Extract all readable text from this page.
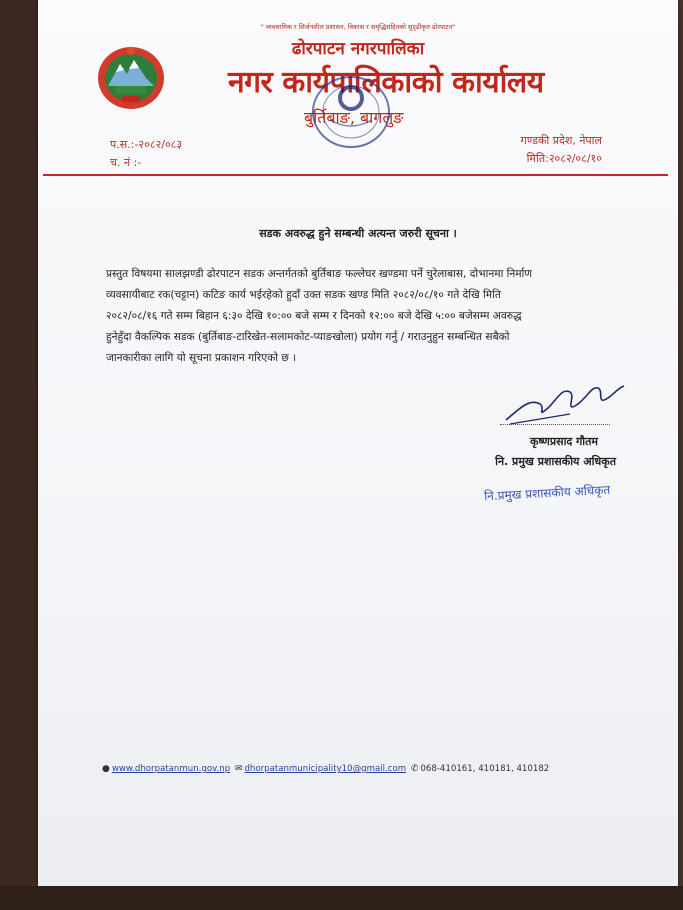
" व्यवसायिक र सिर्जनशील प्रशासन, विकास र समृद्धिसहितको सुदृढीकृत ढोरपाटन"
ढोरपाटन नगरपालिका
नगर कार्यपालिकाको कार्यालय
बुर्तिबाङ, बागलुङ
प.स.:-२०८२/०८३
च. नं :-
गण्डकी प्रदेश, नेपाल
मिति:२०८२/०८/१०
सडक अवरुद्ध हुने सम्बन्धी अत्यन्त जरुरी सूचना ।
प्रस्तुत विषयमा सालझण्डी ढोरपाटन सडक अन्तर्गतको बुर्तिबाङ फल्लेघर खण्डमा पर्ने चुरेलाबास, दोभानमा निर्माण
व्यवसायीबाट रक(चट्टान) कटिङ कार्य भईरहेको हुदाँ उक्त सडक खण्ड मिति २०८२/०८/१० गते देखि मिति
२०८२/०८/१६ गते सम्म बिहान ६:३० देखि १०:०० बजे सम्म र दिनको १२:०० बजे देखि ५:०० बजेसम्म अवरुद्ध
हुनेहुँदा वैकल्पिक सडक (बुर्तिबाङ-टारिखेत-सलामकोट-प्याङखोला) प्रयोग गर्नु / गराउनुहुन सम्बन्धित सबैको
जानकारीका लागि यो सूचना प्रकाशन गरिएको छ ।
कृष्णप्रसाद गौतम
नि. प्रमुख प्रशासकीय अधिकृत
नि.प्रमुख प्रशासकीय अधिकृत
● www.dhorpatanmun.gov.np ✉ dhorpatanmunicipality10@gmail.com ✆ 068-410161, 410181, 410182
